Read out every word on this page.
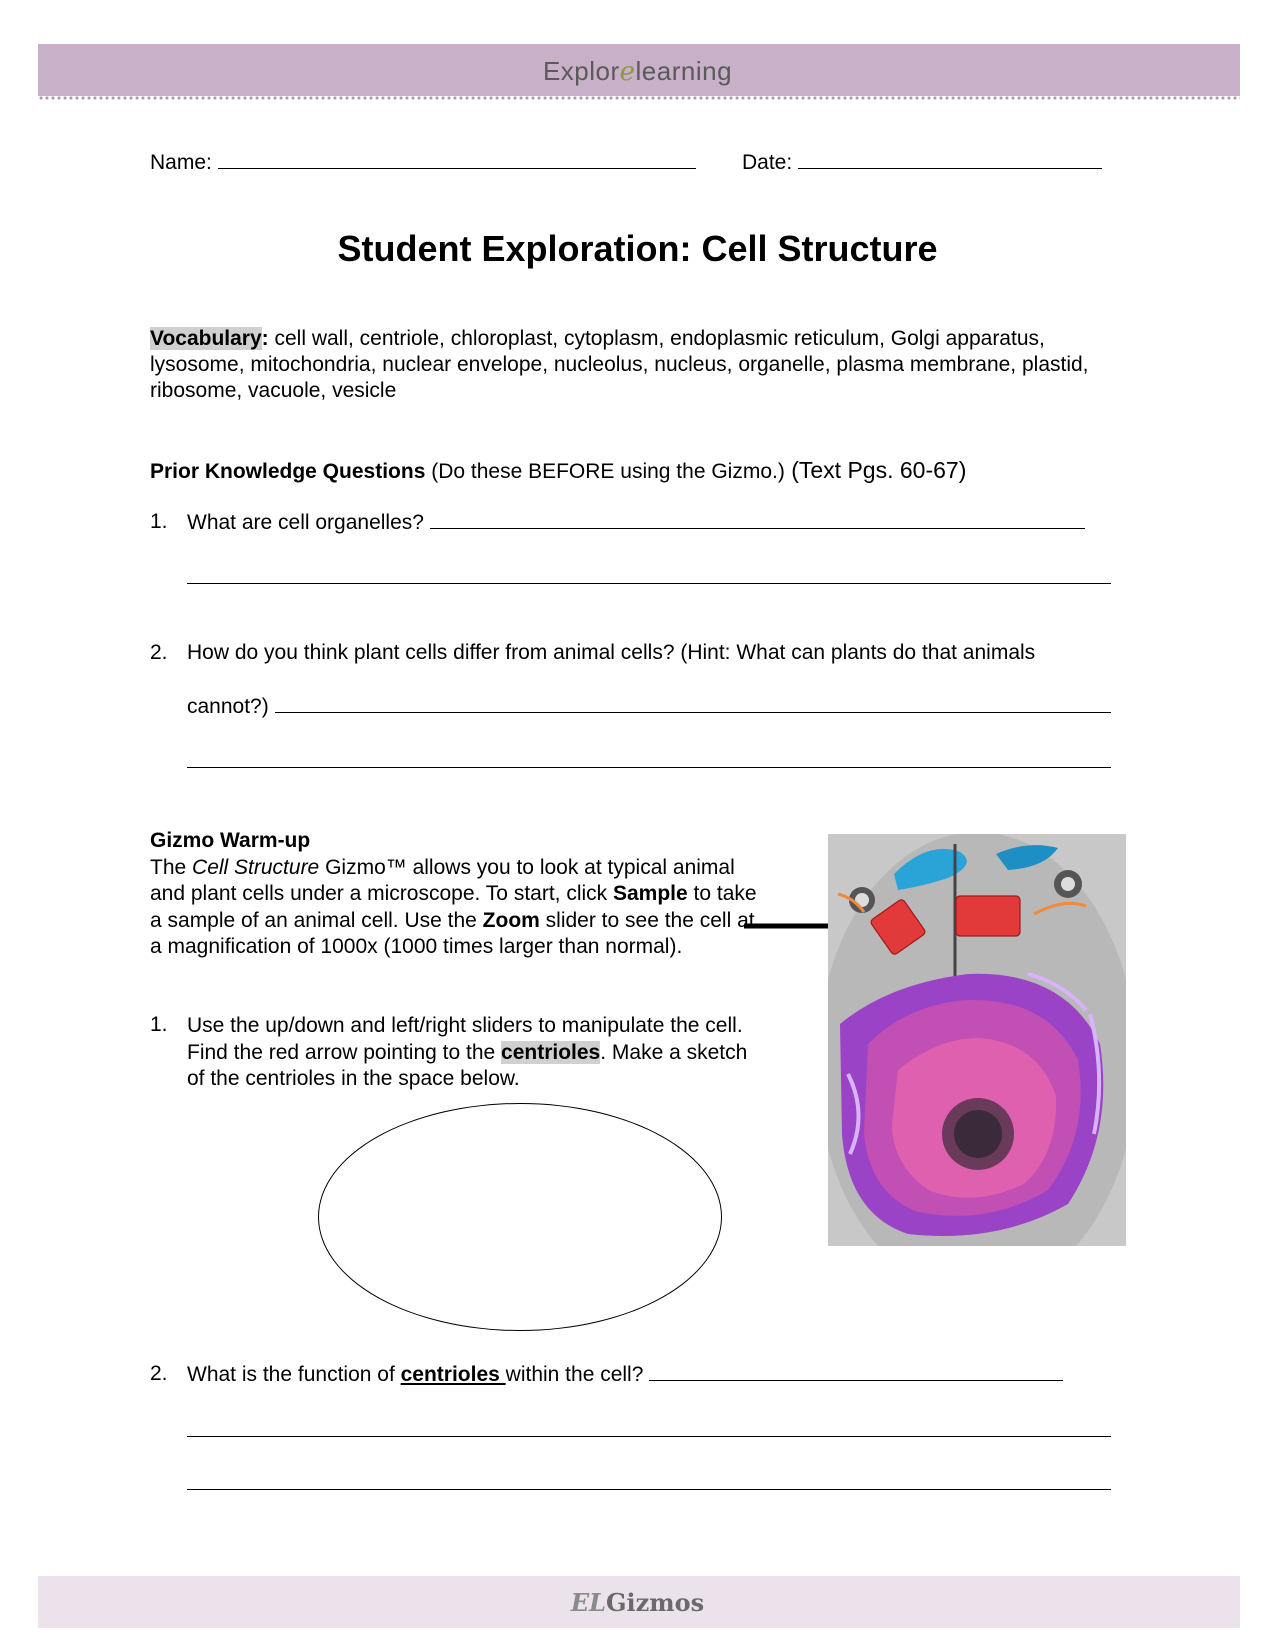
Explorelearning
Name:	Date:
Student Exploration: Cell Structure
Vocabulary: cell wall, centriole, chloroplast, cytoplasm, endoplasmic reticulum, Golgi apparatus, lysosome, mitochondria, nuclear envelope, nucleolus, nucleus, organelle, plasma membrane, plastid, ribosome, vacuole, vesicle
Prior Knowledge Questions (Do these BEFORE using the Gizmo.) (Text Pgs. 60-67)
1. What are cell organelles?
2. How do you think plant cells differ from animal cells? (Hint: What can plants do that animals
cannot?)
Gizmo Warm-up
The Cell Structure Gizmo™ allows you to look at typical animal and plant cells under a microscope. To start, click Sample to take a sample of an animal cell. Use the Zoom slider to see the cell at a magnification of 1000x (1000 times larger than normal).
1. Use the up/down and left/right sliders to manipulate the cell. Find the red arrow pointing to the centrioles. Make a sketch of the centrioles in the space below.
2. What is the function of centrioles within the cell?
ELGizmos
